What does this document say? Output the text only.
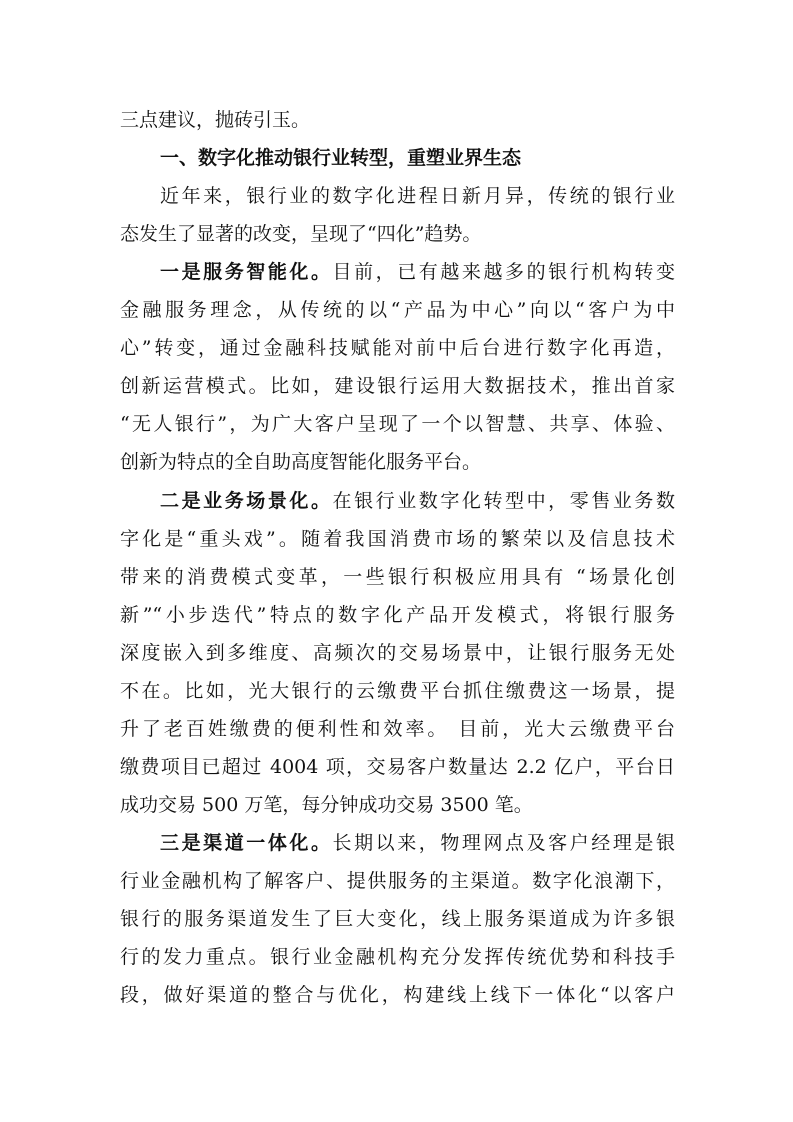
三点建议，抛砖引玉。

一、数字化推动银行业转型，重塑业界生态

近年来，银行业的数字化进程日新月异，传统的银行业

态发生了显著的改变，呈现了“四化”趋势。

一是服务智能化。目前，已有越来越多的银行机构转变

金融服务理念，从传统的以“产品为中心”向以“客户为中

心”转变，通过金融科技赋能对前中后台进行数字化再造，

创新运营模式。比如，建设银行运用大数据技术，推出首家

“无人银行”，为广大客户呈现了一个以智慧、共享、体验、

创新为特点的全自助高度智能化服务平台。

二是业务场景化。在银行业数字化转型中，零售业务数

字化是“重头戏”。随着我国消费市场的繁荣以及信息技术

带来的消费模式变革，一些银行积极应用具有 “场景化创

新”“小步迭代”特点的数字化产品开发模式，将银行服务

深度嵌入到多维度、高频次的交易场景中，让银行服务无处

不在。比如，光大银行的云缴费平台抓住缴费这一场景，提

升了老百姓缴费的便利性和效率。 目前，光大云缴费平台

缴费项目已超过 4004 项，交易客户数量达 2.2 亿户，平台日

成功交易 500 万笔，每分钟成功交易 3500 笔。

三是渠道一体化。长期以来，物理网点及客户经理是银

行业金融机构了解客户、提供服务的主渠道。数字化浪潮下，

银行的服务渠道发生了巨大变化，线上服务渠道成为许多银

行的发力重点。银行业金融机构充分发挥传统优势和科技手

段，做好渠道的整合与优化，构建线上线下一体化“以客户
